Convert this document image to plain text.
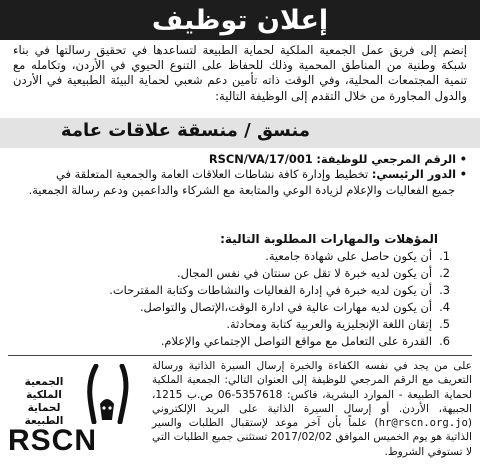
إعلان توظيف
إنضم إلى فريق عمل الجمعية الملكية لحماية الطبيعة لتساعدها في تحقيق رسالتها في بناء شبكة وطنية من المناطق المحمية وذلك للحفاظ على التنوع الحيوي في الأردن، وتكامله مع تنمية المجتمعات المحلية، وفي الوقت ذاته تأمين دعم شعبي لحماية البيئة الطبيعية في الأردن والدول المجاورة من خلال التقدم إلى الوظيفة التالية:
منسق / منسقة علاقات عامة
• الرقم المرجعي للوظيفة: RSCN/VA/17/001
• الدور الرئيسي: تخطيط وإدارة كافة نشاطات العلاقات العامة والجمعية المتعلقة في
جميع الفعاليات والإعلام لزيادة الوعي والمتابعة مع الشركاء والداعمين ودعم رسالة الجمعية.
المؤهلات والمهارات المطلوبة التالية:
1.
أن يكون حاصل على شهادة جامعية.
2.
أن يكون لديه خبرة لا تقل عن سنتان في نفس المجال.
3.
أن يكون لديه خبرة في إدارة الفعاليات والنشاطات وكتابة المقترحات.
4.
أن يكون لديه مهارات عالية في ادارة الوقت،الإتصال والتواصل.
5.
إتقان اللغة الإنجليزية والعربية كتابة ومحادثة.
6.
القدرة على التعامل مع مواقع التواصل الإجتماعي والإعلام.
على من يجد في نفسه الكفاءة والخبرة إرسال السيرة الذاتية ورسالة التعريف مع الرقم المرجعي للوظيفة إلى العنوان التالي: الجمعية الملكية لحماية الطبيعة - الموارد البشرية، فاكس: 5357618-06 ص.ب 1215، الجبيهة، الأردن. أو إرسال السيرة الذاتية على البريد الإلكتروني (hr@rscn.org.jo) علماً بأن آخر موعد لإستقبال الطلبات والسير الذاتية هو يوم الخميس الموافق 2017/02/02 تستثنى جميع الطلبات التي لا تستوفي الشروط.
الجمعية الملكية
لحماية الطبيعة
RSCN
